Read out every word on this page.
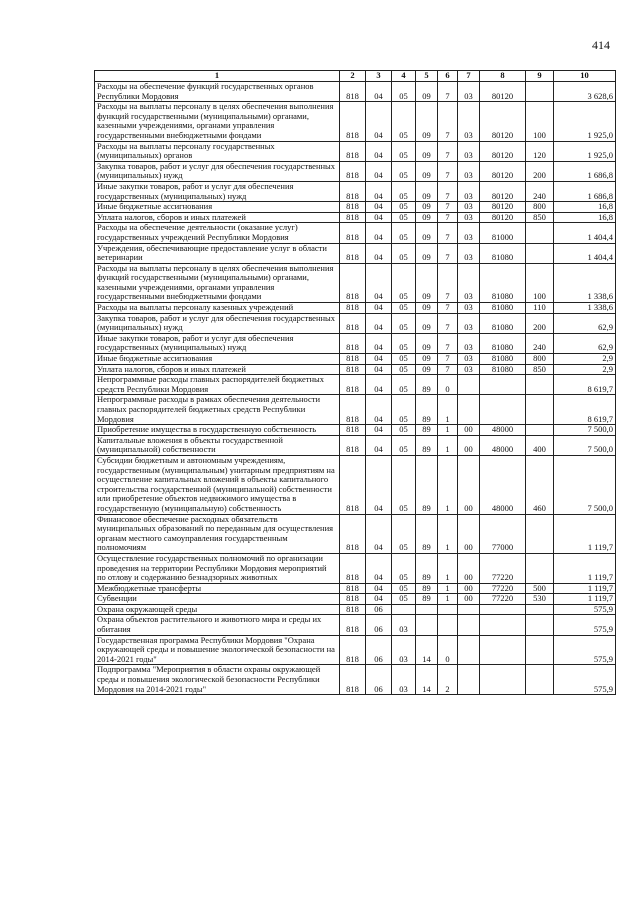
414
1	2	3	4	5	6	7	8	9	10
Расходы на обеспечение функций государственных органов Республики Мордовия	818	04	05	09	7	03	80120		3 628,6
Расходы на выплаты персоналу в целях обеспечения выполнения функций государственными (муниципальными) органами, казенными учреждениями, органами управления государственными внебюджетными фондами	818	04	05	09	7	03	80120	100	1 925,0
Расходы на выплаты персоналу государственных (муниципальных) органов	818	04	05	09	7	03	80120	120	1 925,0
Закупка товаров, работ и услуг для обеспечения государственных (муниципальных) нужд	818	04	05	09	7	03	80120	200	1 686,8
Иные закупки товаров, работ и услуг для обеспечения государственных (муниципальных) нужд	818	04	05	09	7	03	80120	240	1 686,8
Иные бюджетные ассигнования	818	04	05	09	7	03	80120	800	16,8
Уплата налогов, сборов и иных платежей	818	04	05	09	7	03	80120	850	16,8
Расходы на обеспечение деятельности (оказание услуг) государственных учреждений Республики Мордовия	818	04	05	09	7	03	81000		1 404,4
Учреждения, обеспечивающие предоставление услуг в области ветеринарии	818	04	05	09	7	03	81080		1 404,4
Расходы на выплаты персоналу в целях обеспечения выполнения функций государственными (муниципальными) органами, казенными учреждениями, органами управления государственными внебюджетными фондами	818	04	05	09	7	03	81080	100	1 338,6
Расходы на выплаты персоналу казенных учреждений	818	04	05	09	7	03	81080	110	1 338,6
Закупка товаров, работ и услуг для обеспечения государственных (муниципальных) нужд	818	04	05	09	7	03	81080	200	62,9
Иные закупки товаров, работ и услуг для обеспечения государственных (муниципальных) нужд	818	04	05	09	7	03	81080	240	62,9
Иные бюджетные ассигнования	818	04	05	09	7	03	81080	800	2,9
Уплата налогов, сборов и иных платежей	818	04	05	09	7	03	81080	850	2,9
Непрограммные расходы главных распорядителей бюджетных средств Республики Мордовия	818	04	05	89	0				8 619,7
Непрограммные расходы в рамках обеспечения деятельности главных распорядителей бюджетных средств Республики Мордовия	818	04	05	89	1				8 619,7
Приобретение имущества в государственную собственность	818	04	05	89	1	00	48000		7 500,0
Капитальные вложения в объекты государственной (муниципальной) собственности	818	04	05	89	1	00	48000	400	7 500,0
Субсидии бюджетным и автономным учреждениям, государственным (муниципальным) унитарным предприятиям на осуществление капитальных вложений в объекты капитального строительства государственной (муниципальной) собственности или приобретение объектов недвижимого имущества в государственную (муниципальную) собственность	818	04	05	89	1	00	48000	460	7 500,0
Финансовое обеспечение расходных обязательств муниципальных образований по переданным для осуществления органам местного самоуправления государственным полномочиям	818	04	05	89	1	00	77000		1 119,7
Осуществление государственных полномочий по организации проведения на территории Республики Мордовия мероприятий по отлову и содержанию безнадзорных животных	818	04	05	89	1	00	77220		1 119,7
Межбюджетные трансферты	818	04	05	89	1	00	77220	500	1 119,7
Субвенции	818	04	05	89	1	00	77220	530	1 119,7
Охрана окружающей среды	818	06							575,9
Охрана объектов растительного и животного мира и среды их обитания	818	06	03						575,9
Государственная программа Республики Мордовия "Охрана окружающей среды и повышение экологической безопасности на 2014-2021 годы"	818	06	03	14	0				575,9
Подпрограмма "Мероприятия в области охраны окружающей среды и повышения экологической безопасности Республики Мордовия на 2014-2021 годы"	818	06	03	14	2				575,9
